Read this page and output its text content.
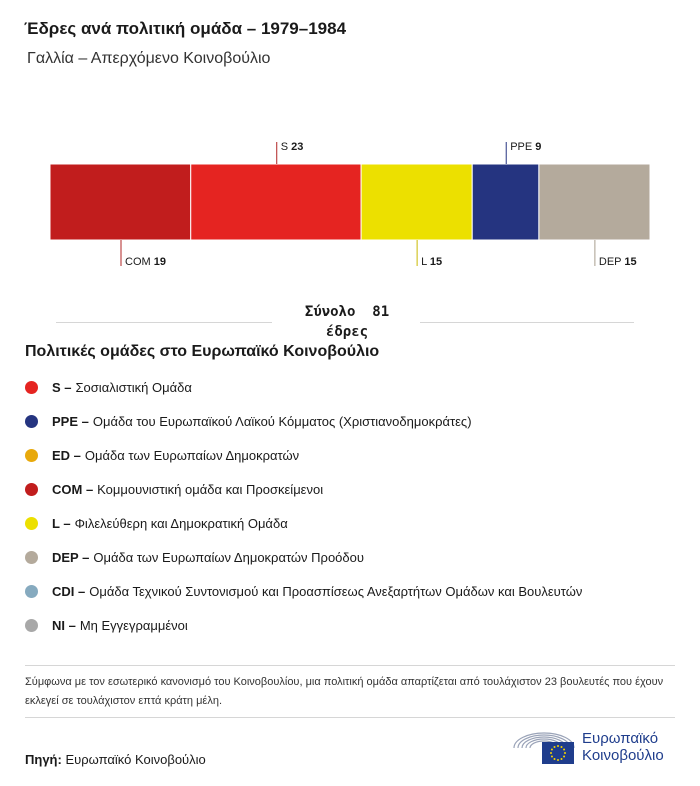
Έδρες ανά πολιτική ομάδα – 1979–1984
Γαλλία – Απερχόμενο Κοινοβούλιο
COM 19
S 23
L 15
PPE 9
DEP 15
Σύνολο 81
έδρες
Πολιτικές ομάδες στο Ευρωπαϊκό Κοινοβούλιο
S – Σοσιαλιστική Ομάδα
PPE – Ομάδα του Ευρωπαϊκού Λαϊκού Κόμματος (Χριστιανοδημοκράτες)
ED – Ομάδα των Ευρωπαίων Δημοκρατών
COM – Κομμουνιστική ομάδα και Προσκείμενοι
L – Φιλελεύθερη και Δημοκρατική Ομάδα
DEP – Ομάδα των Ευρωπαίων Δημοκρατών Προόδου
CDI – Ομάδα Τεχνικού Συντονισμού και Προασπίσεως Ανεξαρτήτων Ομάδων και Βουλευτών
NI – Μη Εγγεγραμμένοι
Σύμφωνα με τον εσωτερικό κανονισμό του Κοινοβουλίου, μια πολιτική ομάδα απαρτίζεται από τουλάχιστον 23 βουλευτές που έχουν εκλεγεί σε τουλάχιστον επτά κράτη μέλη.
Πηγή: Ευρωπαϊκό Κοινοβούλιο
Ευρωπαϊκό
Κοινοβούλιο
